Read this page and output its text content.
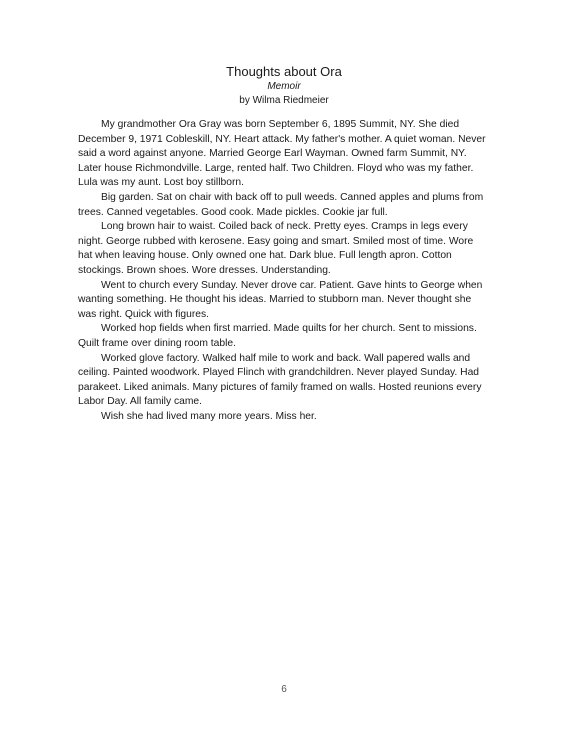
Thoughts about Ora
Memoir
by Wilma Riedmeier

My grandmother Ora Gray was born September 6, 1895 Summit, NY. She died December 9, 1971 Cobleskill, NY. Heart attack. My father's mother. A quiet woman. Never said a word against anyone. Married George Earl Wayman. Owned farm Summit, NY. Later house Richmondville. Large, rented half. Two Children. Floyd who was my father. Lula was my aunt. Lost boy stillborn.

Big garden. Sat on chair with back off to pull weeds. Canned apples and plums from trees. Canned vegetables. Good cook. Made pickles. Cookie jar full.

Long brown hair to waist. Coiled back of neck. Pretty eyes. Cramps in legs every night. George rubbed with kerosene. Easy going and smart. Smiled most of time. Wore hat when leaving house. Only owned one hat. Dark blue. Full length apron. Cotton stockings. Brown shoes. Wore dresses. Understanding.

Went to church every Sunday. Never drove car. Patient. Gave hints to George when wanting something. He thought his ideas. Married to stubborn man. Never thought she was right. Quick with figures.

Worked hop fields when first married. Made quilts for her church. Sent to missions. Quilt frame over dining room table.

Worked glove factory. Walked half mile to work and back. Wall papered walls and ceiling. Painted woodwork. Played Flinch with grandchildren. Never played Sunday. Had parakeet. Liked animals. Many pictures of family framed on walls. Hosted reunions every Labor Day. All family came.

Wish she had lived many more years. Miss her.

6
